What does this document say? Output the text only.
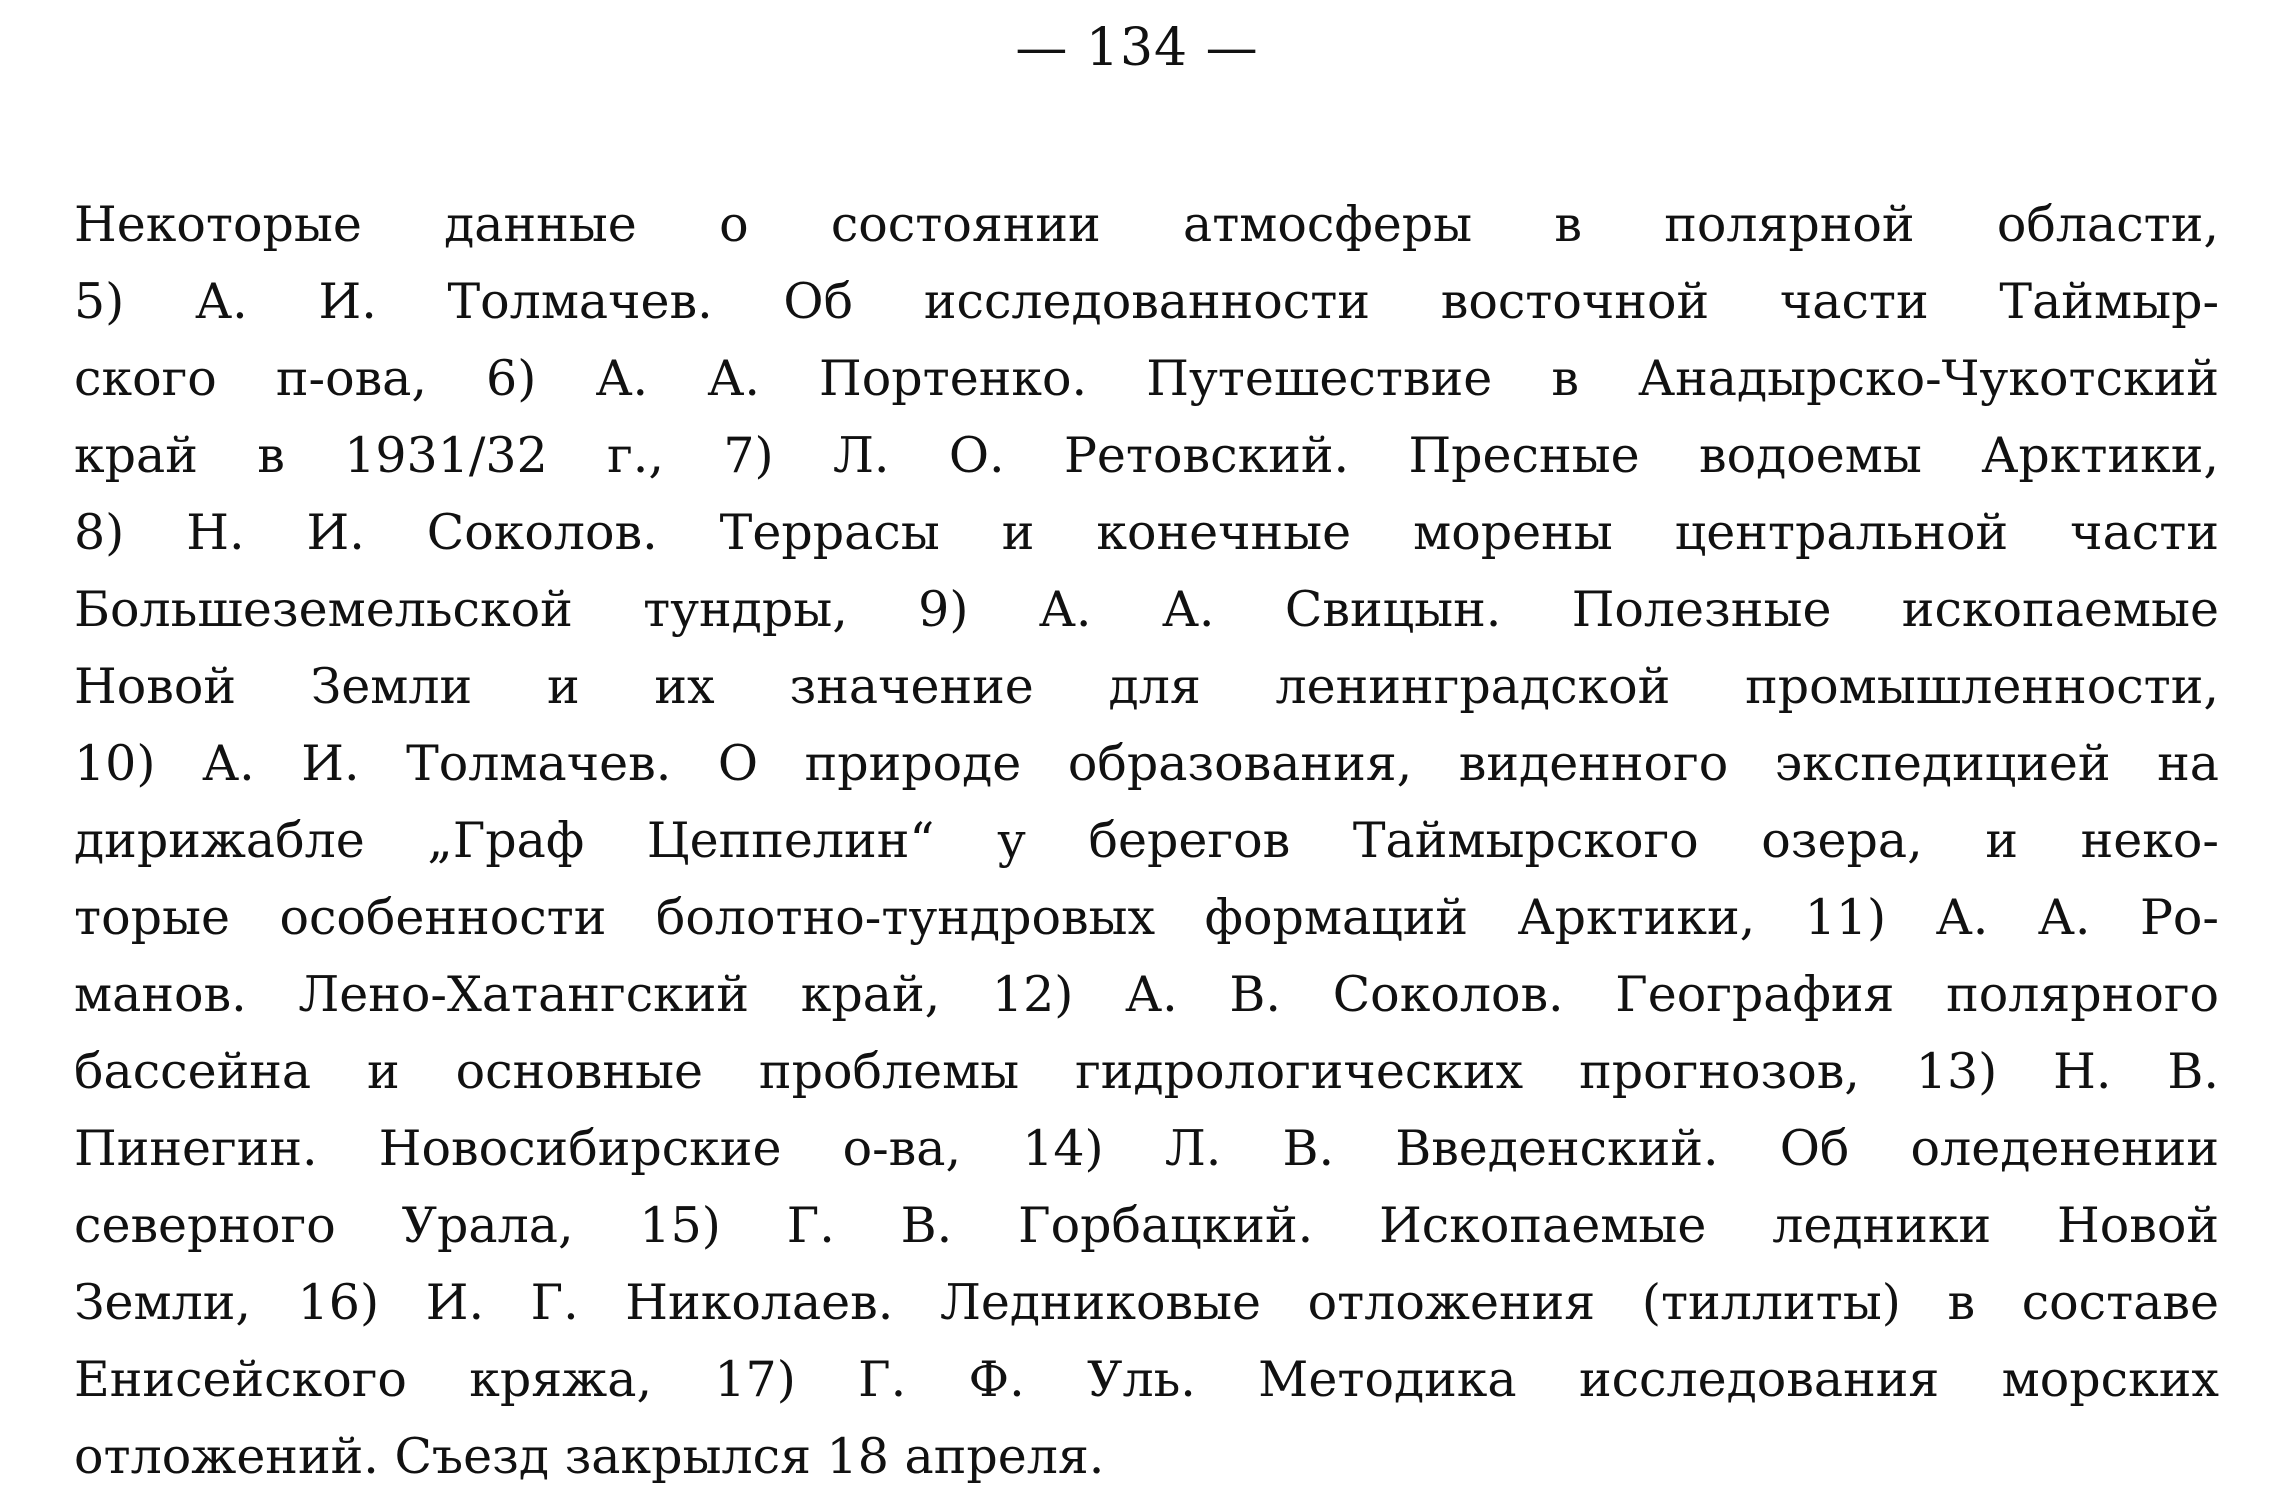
— 134 —
Некоторые данные о состоянии атмосферы в полярной области,
5) А. И. Толмачев. Об исследованности восточной части Таймыр-
ского п-ова, 6) А. А. Портенко. Путешествие в Анадырско-Чукотский
край в 1931/32 г., 7) Л. О. Ретовский. Пресные водоемы Арктики,
8) Н. И. Соколов. Террасы и конечные морены центральной части
Большеземельской тундры, 9) А. А. Свицын. Полезные ископаемые
Новой Земли и их значение для ленинградской промышленности,
10) А. И. Толмачев. О природе образования, виденного экспедицией на
дирижабле „Граф Цеппелин“ у берегов Таймырского озера, и неко-
торые особенности болотно-тундровых формаций Арктики, 11) А. А. Ро-
манов. Лено-Хатангский край, 12) А. В. Соколов. География полярного
бассейна и основные проблемы гидрологических прогнозов, 13) Н. В.
Пинегин. Новосибирские о-ва, 14) Л. В. Введенский. Об оледенении
северного Урала, 15) Г. В. Горбацкий. Ископаемые ледники Новой
Земли, 16) И. Г. Николаев. Ледниковые отложения (тиллиты) в составе
Енисейского кряжа, 17) Г. Ф. Уль. Методика исследования морских
отложений. Съезд закрылся 18 апреля.
